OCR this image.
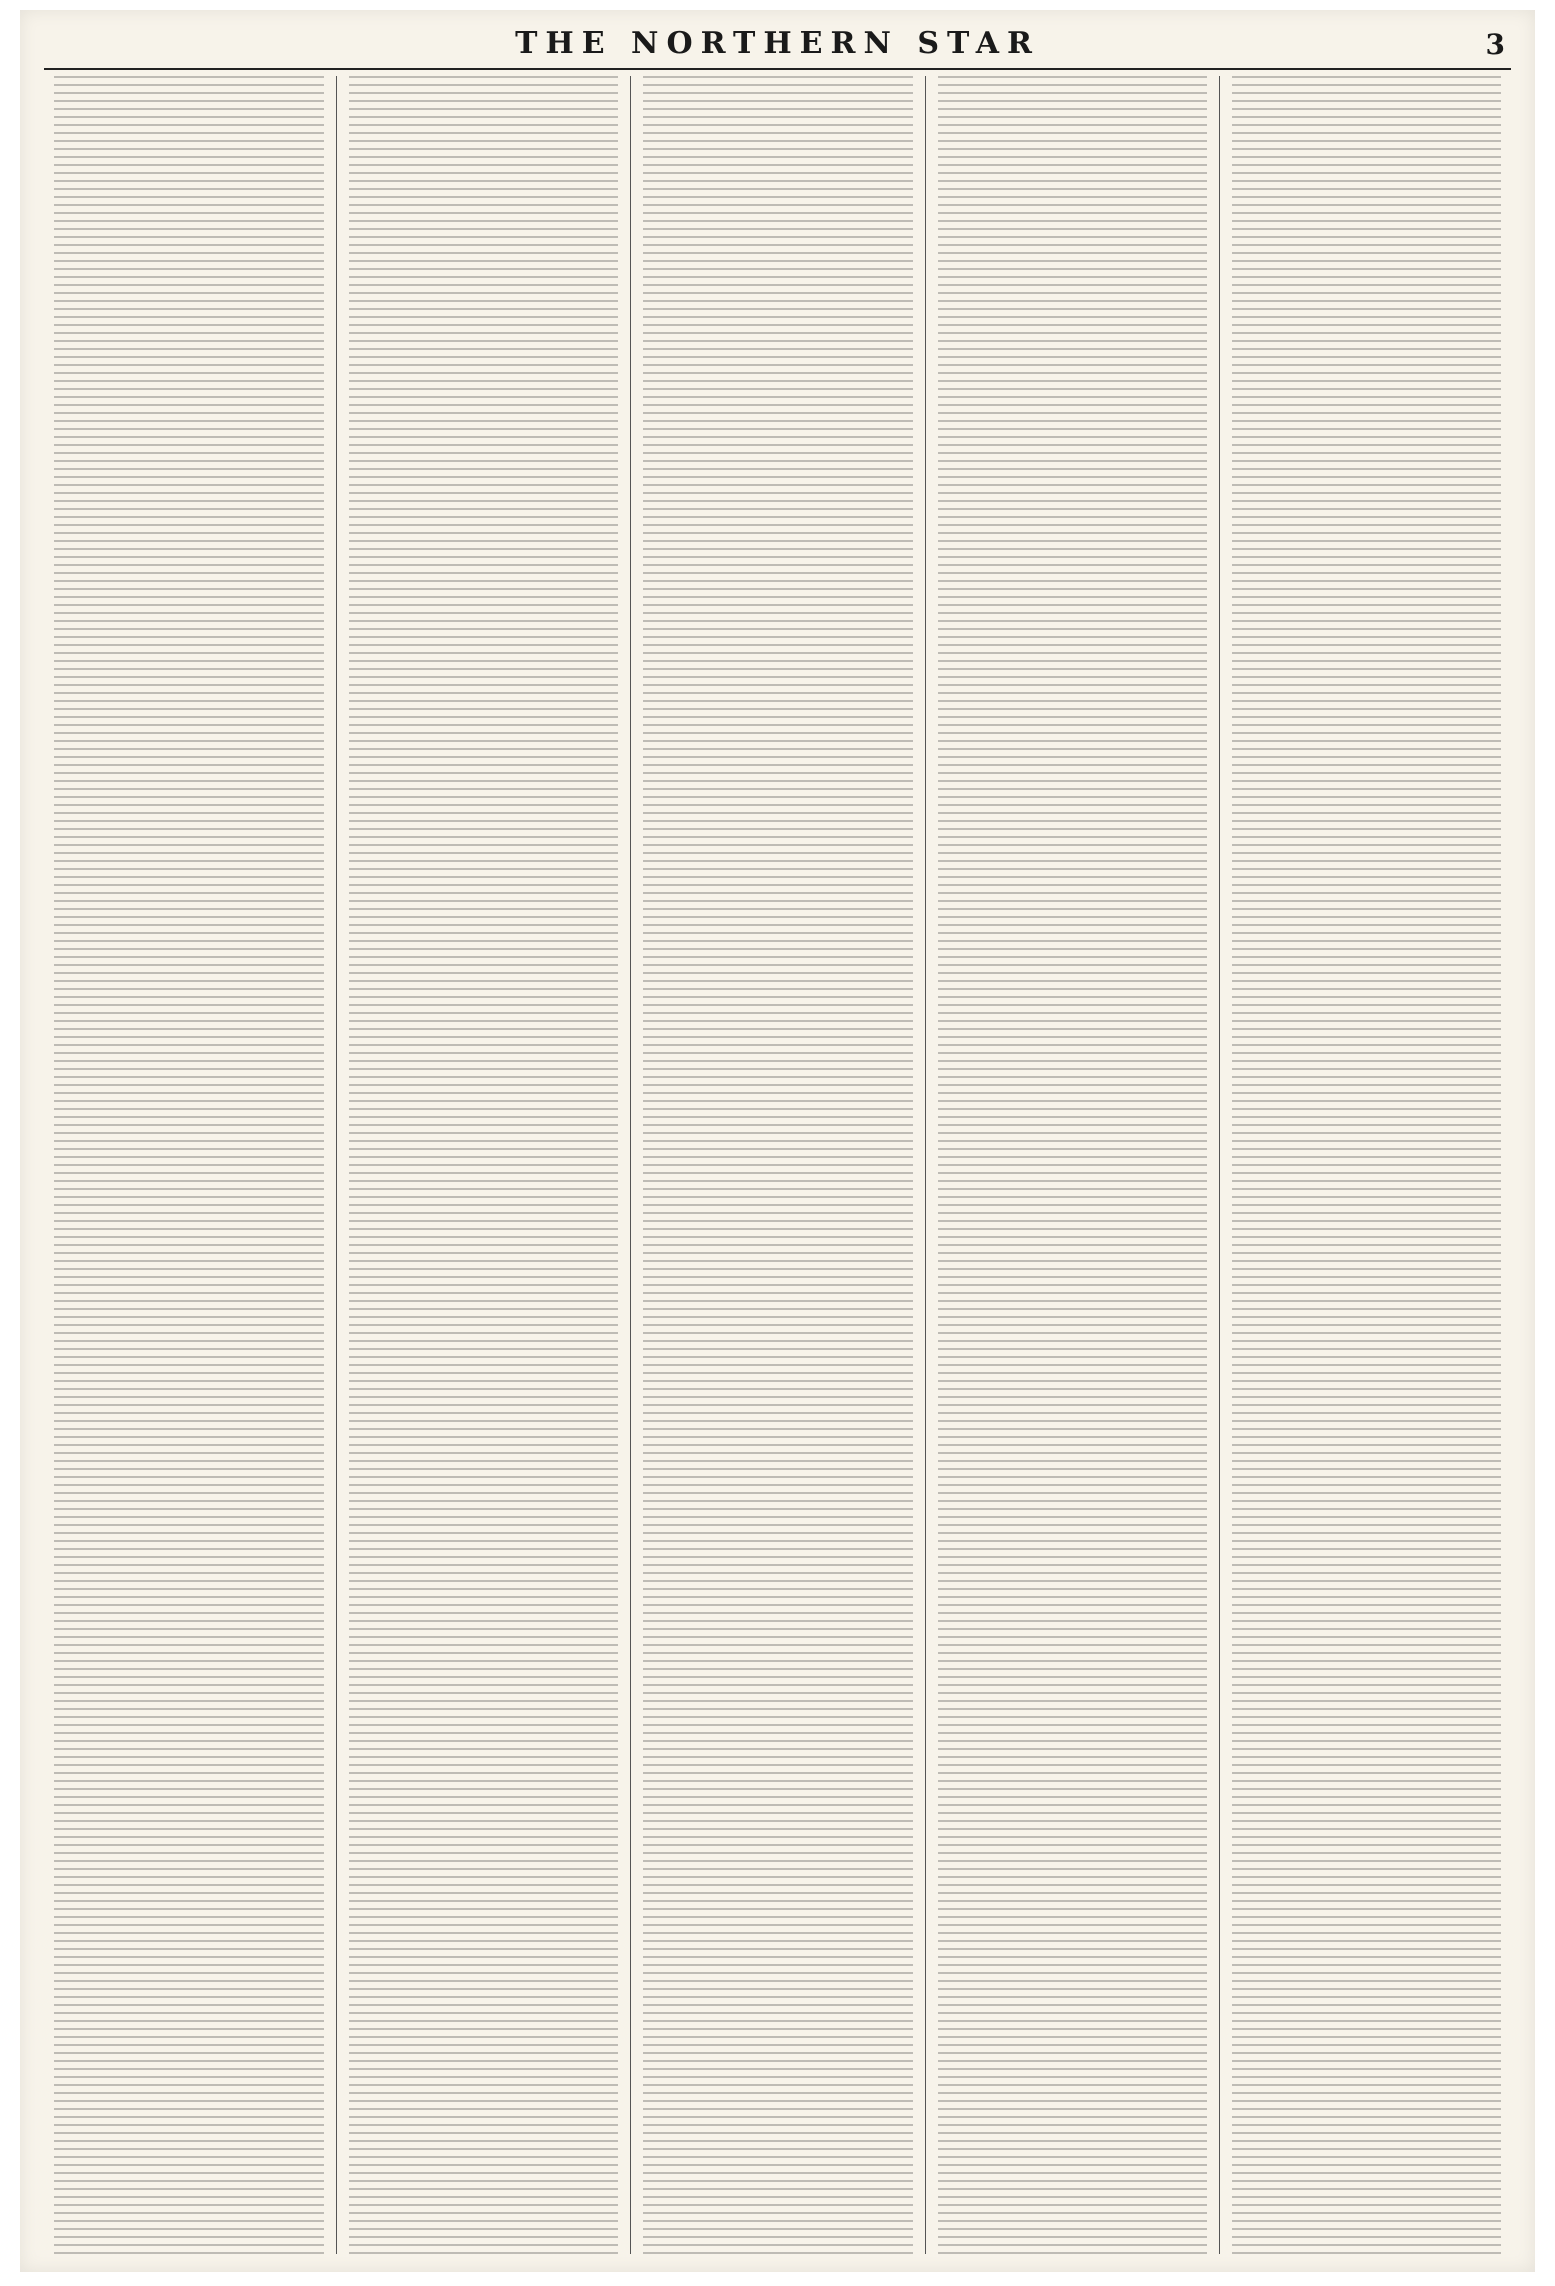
THE NORTHERN STAR	3
